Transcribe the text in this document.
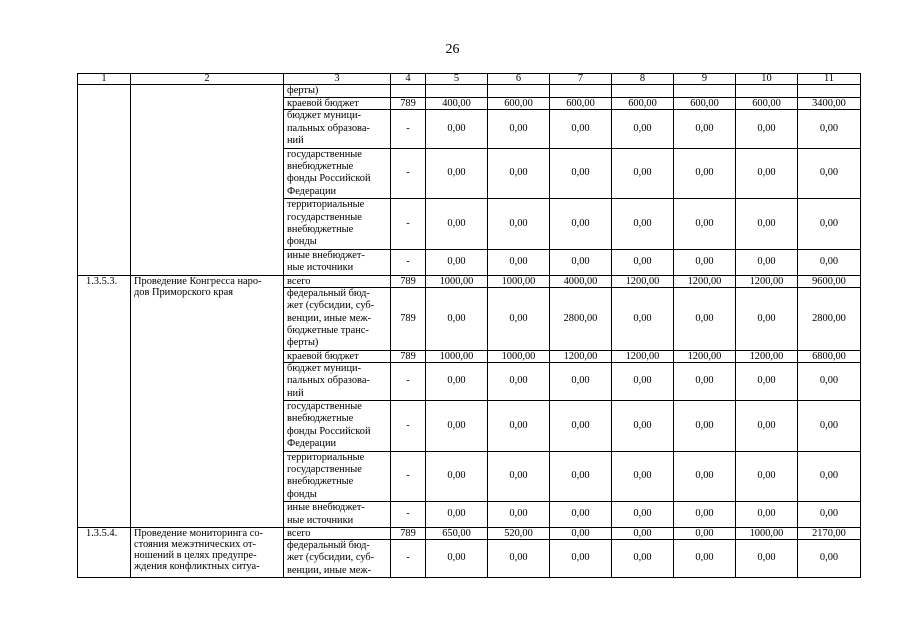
26
1	2	3	4	5	6	7	8	9	10	11
		ферты)								
		краевой бюджет	789	400,00	600,00	600,00	600,00	600,00	600,00	3400,00
		бюджет муници-
пальных образова-
ний	-	0,00	0,00	0,00	0,00	0,00	0,00	0,00
		государственные
внебюджетные
фонды Российской
Федерации	-	0,00	0,00	0,00	0,00	0,00	0,00	0,00
		территориальные
государственные
внебюджетные
фонды	-	0,00	0,00	0,00	0,00	0,00	0,00	0,00
		иные внебюджет-
ные источники	-	0,00	0,00	0,00	0,00	0,00	0,00	0,00
1.3.5.3.	Проведение Конгресса наро-
дов Приморского края	всего	789	1000,00	1000,00	4000,00	1200,00	1200,00	1200,00	9600,00
		федеральный бюд-
жет (субсидии, суб-
венции, иные меж-
бюджетные транс-
ферты)	789	0,00	0,00	2800,00	0,00	0,00	0,00	2800,00
		краевой бюджет	789	1000,00	1000,00	1200,00	1200,00	1200,00	1200,00	6800,00
		бюджет муници-
пальных образова-
ний	-	0,00	0,00	0,00	0,00	0,00	0,00	0,00
		государственные
внебюджетные
фонды Российской
Федерации	-	0,00	0,00	0,00	0,00	0,00	0,00	0,00
		территориальные
государственные
внебюджетные
фонды	-	0,00	0,00	0,00	0,00	0,00	0,00	0,00
		иные внебюджет-
ные источники	-	0,00	0,00	0,00	0,00	0,00	0,00	0,00
1.3.5.4.	Проведение мониторинга со-
стояния межэтнических от-
ношений в целях предупре-
ждения конфликтных ситуа-	всего	789	650,00	520,00	0,00	0,00	0,00	1000,00	2170,00
		федеральный бюд-
жет (субсидии, суб-
венции, иные меж-	-	0,00	0,00	0,00	0,00	0,00	0,00	0,00
